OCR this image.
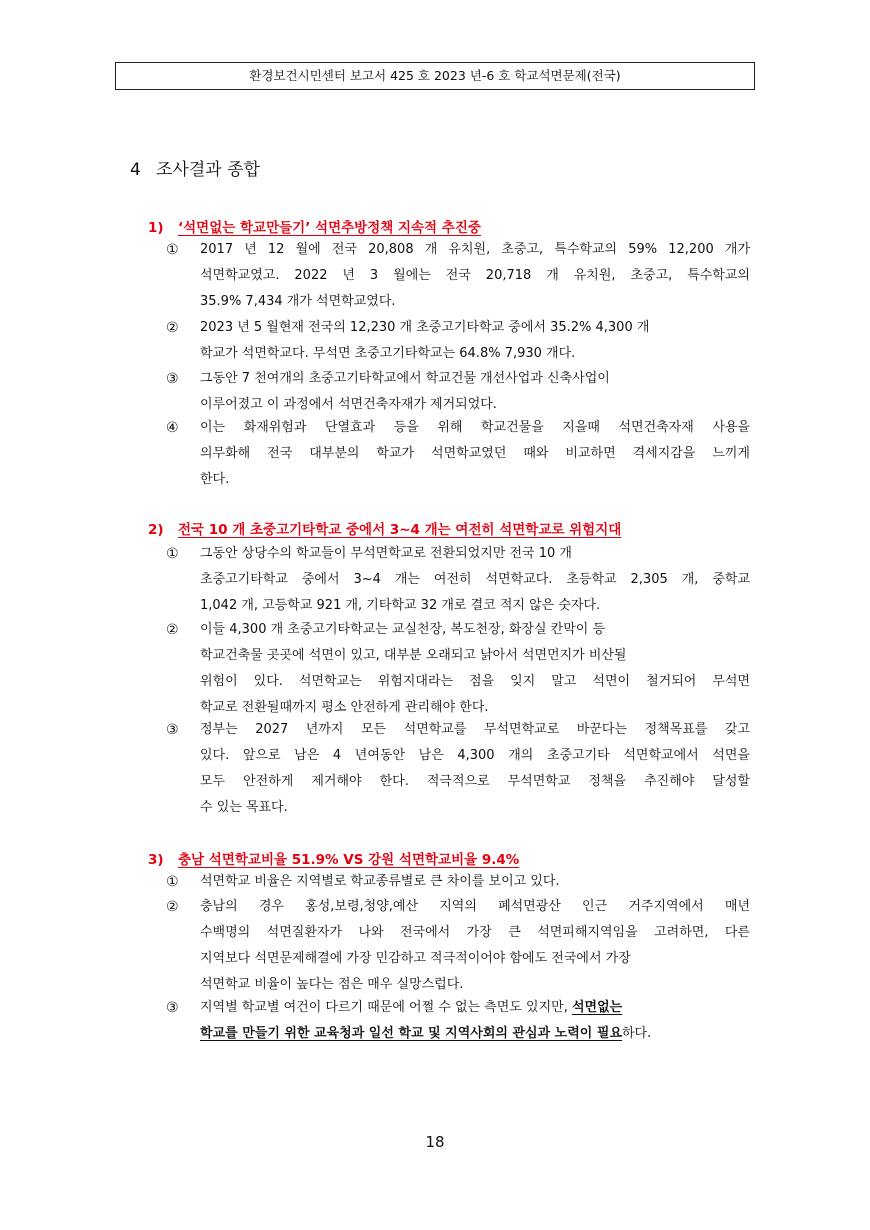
환경보건시민센터 보고서 425 호 2023 년-6 호 학교석면문제(전국)
4 조사결과 종합
1) ‘석면없는 학교만들기’ 석면추방정책 지속적 추진중
①	2017 년 12 월에 전국 20,808 개 유치원, 초중고, 특수학교의 59% 12,200 개가
석면학교였고. 2022 년 3 월에는 전국 20,718 개 유치원, 초중고, 특수학교의
35.9% 7,434 개가 석면학교였다.
②	2023 년 5 월현재 전국의 12,230 개 초중고기타학교 중에서 35.2% 4,300 개
학교가 석면학교다. 무석면 초중고기타학교는 64.8% 7,930 개다.
③	그동안 7 천여개의 초중고기타학교에서 학교건물 개선사업과 신축사업이
이루어졌고 이 과정에서 석면건축자재가 제거되었다.
④	이는 화재위험과 단열효과 등을 위해 학교건물을 지을때 석면건축자재 사용을
의무화해 전국 대부분의 학교가 석면학교였던 때와 비교하면 격세지감을 느끼게
한다.
2) 전국 10 개 초중고기타학교 중에서 3~4 개는 여전히 석면학교로 위험지대
①	그동안 상당수의 학교들이 무석면학교로 전환되었지만 전국 10 개
초중고기타학교 중에서 3~4 개는 여전히 석면학교다. 초등학교 2,305 개, 중학교
1,042 개, 고등학교 921 개, 기타학교 32 개로 결코 적지 않은 숫자다.
②	이들 4,300 개 초중고기타학교는 교실천장, 복도천장, 화장실 칸막이 등
학교건축물 곳곳에 석면이 있고, 대부분 오래되고 낡아서 석면먼지가 비산될
위험이 있다. 석면학교는 위험지대라는 점을 잊지 말고 석면이 철거되어 무석면
학교로 전환될때까지 평소 안전하게 관리해야 한다.
③	정부는 2027 년까지 모든 석면학교를 무석면학교로 바꾼다는 정책목표를 갖고
있다. 앞으로 남은 4 년여동안 남은 4,300 개의 초중고기타 석면학교에서 석면을
모두 안전하게 제거해야 한다. 적극적으로 무석면학교 정책을 추진해야 달성할
수 있는 목표다.
3) 충남 석면학교비율 51.9% VS 강원 석면학교비율 9.4%
①	석면학교 비율은 지역별로 학교종류별로 큰 차이를 보이고 있다.
②	충남의 경우 홍성,보령,청양,예산 지역의 폐석면광산 인근 거주지역에서 매년
수백명의 석면질환자가 나와 전국에서 가장 큰 석면피해지역임을 고려하면, 다른
지역보다 석면문제해결에 가장 민감하고 적극적이어야 함에도 전국에서 가장
석면학교 비율이 높다는 점은 매우 실망스럽다.
③	지역별 학교별 여건이 다르기 때문에 어쩔 수 없는 측면도 있지만, 석면없는
학교를 만들기 위한 교육청과 일선 학교 및 지역사회의 관심과 노력이 필요하다.
18
